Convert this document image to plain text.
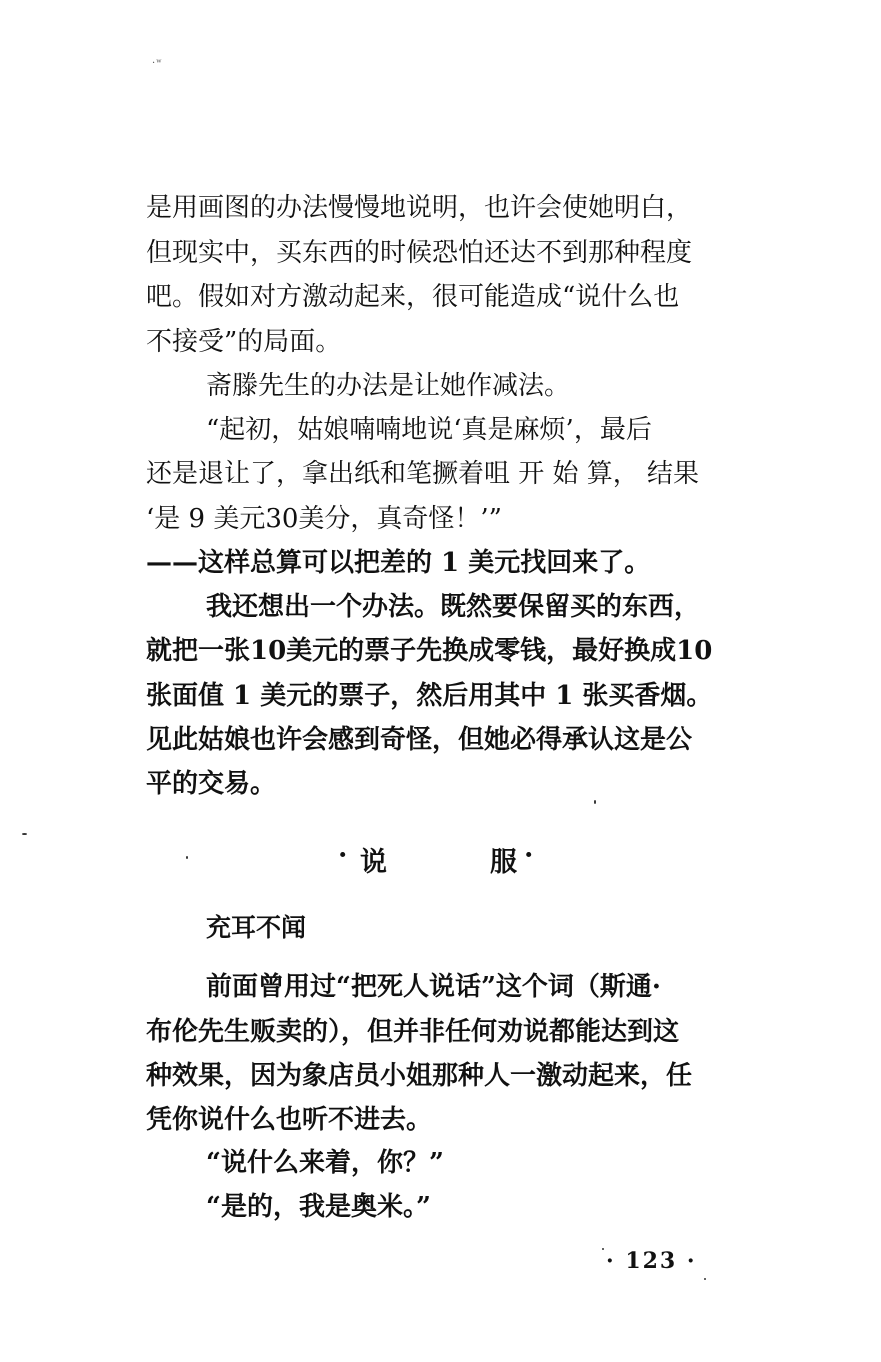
·ʷ
是用画图的办法慢慢地说明，也许会使她明白，
但现实中，买东西的时候恐怕还达不到那种程度
吧。假如对方激动起来，很可能造成“说什么也
不接受”的局面。
斋滕先生的办法是让她作减法。
“起初，姑娘喃喃地说‘真是麻烦’，最后
还是退让了，拿出纸和笔撅着咀 开 始 算， 结果
‘是 9 美元30美分，真奇怪！’”
——这样总算可以把差的 1 美元找回来了。
我还想出一个办法。既然要保留买的东西，
就把一张10美元的票子先换成零钱，最好换成10
张面值 1 美元的票子，然后用其中 1 张买香烟。
见此姑娘也许会感到奇怪，但她必得承认这是公
平的交易。
· 说	服 ·
充耳不闻
前面曾用过“把死人说话”这个词（斯通·
布伦先生贩卖的），但并非任何劝说都能达到这
种效果，因为象店员小姐那种人一激动起来，任
凭你说什么也听不进去。
“说什么来着，你？”
“是的，我是奥米。”
· 123 ·
